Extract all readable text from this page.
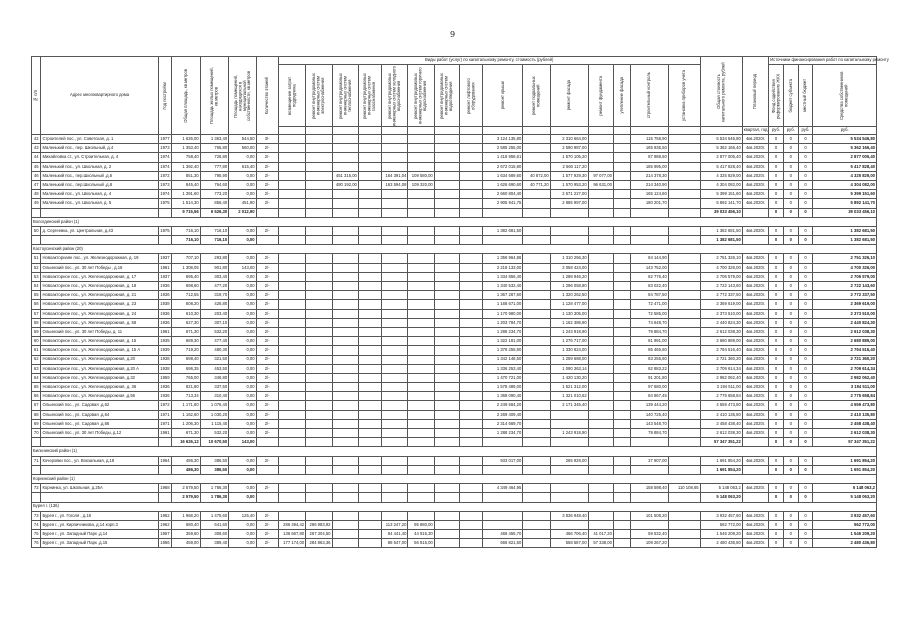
9
№ п/п	Адрес многоквартирного дома	Год постройки	Общая площадь, кв.метров	Площадь жилых помещений, кв.метров	Площадь помещений, находящихся в муниципальной собственности, кв.метров	Количество этажей	Виды работ (услуг) по капитальному ремонту, стоимость (рублей)															Общая стоимость капитального ремонта, рублей	Плановый период	Источники финансирования работ по капитальному ремонту			

							возмещение затрат подрядчика	ремонт внутридомовых инженерных систем электроснабжения	ремонт внутридомовых инженерных систем теплоснабжения	ремонт внутридомовых инженерных систем газоснабжения	ремонт внутридомовых инженерных систем холодного водоснабжения	ремонт внутридомовых инженерных систем горячего водоснабжения	ремонт внутридомовых инженерных систем водоотведения	ремонт лифтового оборудования	ремонт крыши	ремонт подвальных помещений	ремонт фасада	ремонт фундамента	утепление фасада	строительный контроль	установка приборов учета			Фонд содействия реформированию ЖКХ	бюджет субъекта	местный бюджет	Средства собственников помещений

																							квартал, год	руб.	руб.	руб.	руб.
42	Строителей пос., ул. Советская, д. 1	1977	1 626,00	1 363,40	544,50	3/-									3 124 135,80		2 310 664,00			115 758,90		5 534 546,80	4кв.2020г.	0	0	0	5 534 546,80
43	Маленький пос., пер. Школьный, д.4	1973	1 353,40	765,80	560,00	2/-									2 585 255,00		2 590 987,00			165 835,50		5 362 166,40	4кв.2020г.	0	0	0	5 362 166,40
44	Михайловка ст., ул. Строительная, д. 4	1974	758,40	726,80	0,00	2/-									1 418 958,61		1 570 105,20			87 988,50		2 877 005,40	4кв.2020г.	0	0	0	2 877 005,40
45	Маленький пос., ул. Школьная, д. 2	1974	1 392,40	777,80	615,40	2/-									2 672 015,80		2 560 117,20			185 995,00		5 417 828,40	4кв.2020г.	0	0	0	5 417 828,40
46	Маленький пос., пер.Школьный ,д.6	1972	851,30	795,90	0,00	2/-			451 315,00		164 391,04	109 580,00			1 634 689,60	40 872,00	1 577 929,30	97 077,00		214 378,30		4 325 829,00	4кв.2020г.	0	0	0	4 325 829,00
47	Маленький пос., пер.Школьный ,д.8	1973	845,40	764,60	0,00	2/-			480 192,00		163 594,08	109 320,00			1 626 690,60	40 771,20	1 570 953,20	96 631,00		214 340,90		4 304 082,00	4кв.2020г.	0	0	0	4 304 082,00
48	Маленький пос., ул. Школьная, д. 4	1974	1 391,60	773,20	0,00	2/-									2 660 804,40		2 571 227,00			165 124,60		5 399 151,60	4кв.2020г.	0	0	0	5 399 151,60
49	Маленький пос., ул. Школьная, д. 5	1975	1 514,30	856,40	451,90	2/-									2 905 941,75		2 885 997,00			180 201,70		5 892 141,70	4кв.2020г.	0	0	0	5 892 141,70
			9 715,56	6 526,30	2 012,90																	39 033 456,10		0	0	0	39 033 456,10
Вологдинский район (1)																											
50	д. Сергеевка, ул. Центральная, д.43	1975	716,10	716,10	0,00	2/-									1 382 681,50							1 382 681,50	4кв.2020г.	0	0	0	1 382 681,50
			716,10	716,10	0,00																	1 382 681,50		0	0	0	1 382 681,50
Кастоусинский район (20)																											
51	Новоакторнаяе пос., ул. Железнодорожная, д. 19	1937	707,10	293,80	0,00	2/-									1 356 964,86		1 310 256,30			84 144,90		2 751 326,10	4кв.2020г.	0	0	0	2 751 326,10
52	Ольинский пос., ул. 30 лет Победы , д.16	1961	1 308,05	901,80	143,00	2/-									2 218 133,00		2 058 424,00			143 752,00		4 700 326,00	4кв.2020г.	0	0	0	4 700 326,00
53	Новоакторное пос., ул. Железнодорожная, д. 17	1937	695,40	303,40	0,00	2/-									1 334 856,40		1 288 946,20			82 776,40		2 706 579,00	4кв.2020г.	0	0	0	2 706 579,00
54	Новоакторное пос., ул. Железнодорожная, д. 18	1936	698,60	477,20	0,00	2/-									1 340 532,40		1 296 058,80			83 022,40		2 722 143,60	4кв.2020г.	0	0	0	2 722 143,60
55	Новоакторное пос., ул. Железнодорожная, д. 21	1936	712,55	319,70	0,00	2/-									1 367 287,60		1 320 262,50			84 787,50		2 772 337,50	4кв.2020г.	0	0	0	2 772 337,50
56	Новоакторное пос., ул. Железнодорожная, д. 23	1938	608,20	426,80	0,00	2/-									1 168 671,00		1 128 477,00			72 471,00		2 369 619,00	4кв.2020г.	0	0	0	2 369 619,00
57	Новоакторное пос., ул. Железнодорожная, д. 24	1936	610,30	203,40	0,00	2/-									1 170 980,00		1 130 305,00			72 585,00		2 373 510,00	4кв.2020г.	0	0	0	2 373 510,00
58	Новоакторное пос., ул. Железнодорожная, д. 58	1936	627,30	307,10	0,00	2/-									1 203 784,70		1 162 386,90			74 648,70		2 440 824,30	4кв.2020г.	0	0	0	2 440 824,30
59	Ольинский пос., ул. 30 лет Победы, д. 11	1961	671,30	532,20	0,00	2/-									1 288 234,70		1 243 918,90			79 884,70		2 612 038,30	4кв.2020г.	0	0	0	2 612 038,30
60	Новоакторное пос., ул. Железнодорожная, д. 15	1935	689,30	477,40	0,00	2/-									1 322 181,00		1 276 717,00			81 991,00		2 680 889,00	4кв.2020г.	0	0	0	2 680 889,00
61	Новоакторное пос., ул. Железнодорожная, д. 15 А	1939	719,20	480,30	0,00	2/-									1 378 255,90		1 330 824,00			85 465,60		2 794 516,40	4кв.2020г.	0	0	0	2 794 516,40
62	Новоакторное пос., ул. Железнодорожная, д.20	1938	698,40	321,50	0,00	2/-									1 342 148,50		1 259 688,00			83 255,60		2 721 360,20	4кв.2020г.	0	0	0	2 721 360,20
63	Новоакторное пос., ул. Железнодорожная, д.20 А	1938	696,35	453,50	0,00	2/-									1 336 253,40		1 090 363,14			82 883,22		2 709 614,34	4кв.2020г.	0	0	0	2 709 614,34
64	Новоакторное пос., ул. Железнодорожная, д.32	1959	765,00	346,80	0,00	2/-									1 470 721,00		1 420 130,20			91 201,80		2 982 062,40	4кв.2020г.	0	0	0	2 982 062,40
65	Новоакторное пос., ул. Железнодорожная, д. 36	1936	821,80	337,50	0,00	2/-									1 578 489,00		1 521 312,00			97 680,00		3 194 511,00	4кв.2020г.	0	0	0	3 194 511,00
66	Новоакторное пос., ул. Железнодорожная ,д.56	1936	713,34	310,40	0,00	2/-									1 368 090,40		1 321 010,62			84 867,45		2 775 658,84	4кв.2020г.	0	0	0	2 775 658,84
67	Ольинский пос., ул. Садовая ,д.62	1972	1 171,60	1 076,40	0,00	2/-									2 249 584,20		2 171 345,40			139 444,20		4 559 473,80	4кв.2020г.	0	0	0	4 559 473,80
68	Ольинский пос., ул. Садовая ,д.64	1971	1 162,60	1 030,20	0,00	2/-									2 269 409,40					140 725,40		2 410 135,80	4кв.2020г.	0	0	0	2 410 135,80
69	Ольинский пос., ул. Садовая ,д.66	1971	1 206,30	1 115,40	0,00	2/-									2 314 669,70					143 548,70		2 458 438,40	4кв.2020г.	0	0	0	2 458 438,40
70	Ольинский пос., ул. 30 лет Победы, д.12	1961	671,30	532,20	0,00	2/-									1 288 234,70		1 243 918,90			79 884,70		2 612 038,30	4кв.2020г.	0	0	0	2 612 038,30
			16 626,12	10 670,50	143,00																	57 347 351,22		0	0	0	57 347 351,22
Бильчинский район (1)																											
71	Кочеровки пос., ул. Вокзальная, д.18	1964	486,30	386,50	0,00	2/-									933 017,00		265 928,00			37 907,00		1 691 854,20	4кв.2020г.	0	0	0	1 691 854,20
			486,30	386,50	0,00																	1 691 854,20		0	0	0	1 691 854,20
Корнинский район (1)																											
72	Корнинка, ул. Школьная, д.25А	1968	2 579,50	1 786,30	0,00	2/-									4 349 464,95					158 598,40	110 108,65	5 148 063,2	4кв.2020г.	0	0	0	5 148 063,2
			2 579,50	1 786,30	0,00																	5 148 063,20		0	0	0	5 148 063,20
Бурея г. (136)																											
73	Бурея г., ул. Гоголя , д.18	1962	1 968,20	1 475,60	125,40	2/-											3 836 948,40			101 508,20		3 932 457,60	4кв.2020г.	0	0	0	3 932 457,60
74	Бурея г., ул. Кирпичникова, д.14 корп.3	1962	680,40	641,60	0,00	2/-	286 494,42	286 983,92			113 247,20	95 880,00										562 772,00	4кв.2020г.	0	0	0	562 772,00
75	Бурея г., ул. Западный Парк ,д.14	1957	359,60	308,60	0,00	2/-	136 667,80	267 304,50			84 441,40	44 915,30			466 456,70		466 706,40	41 017,20		59 532,40		1 546 209,20	4кв.2020г.	0	0	0	1 546 209,20
76	Бурея г., ул. Западный Парк ,д.15	1956	459,00	389,40	0,00	2/-	177 174,00	284 863,36			88 547,00	56 815,00			666 821,60		558 587,00	57 338,00		109 267,20		2 480 436,80	4кв.2020г.	0	0	0	2 480 436,80
